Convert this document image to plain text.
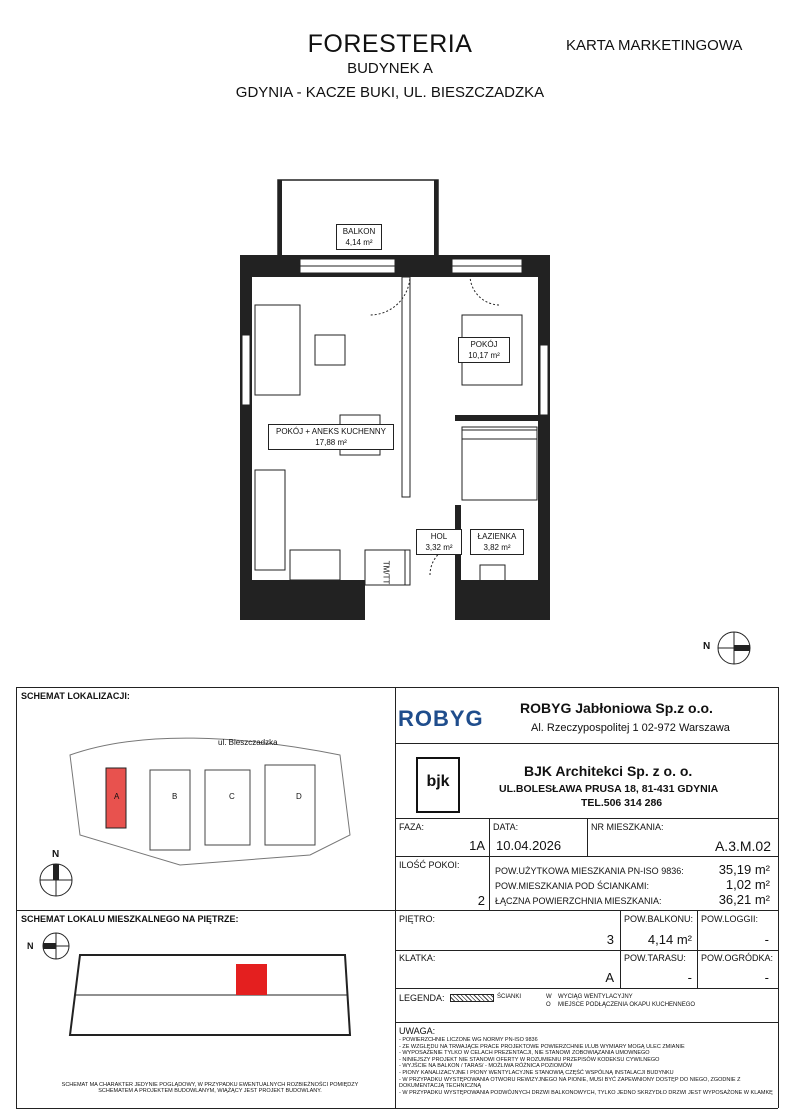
FORESTERIA
BUDYNEK A
GDYNIA - KACZE BUKI, UL. BIESZCZADZKA
KARTA MARKETINGOWA
BALKON
4,14 m²
POKÓJ
10,17 m²
POKÓJ + ANEKS KUCHENNY
17,88 m²
HOL
3,32 m²
ŁAZIENKA
3,82 m²
TM/TT
N
SCHEMAT LOKALIZACJI:
ul. Bieszczadzka
A	B	C	D
N
SCHEMAT LOKALU MIESZKALNEGO NA PIĘTRZE:
N
SCHEMAT MA CHARAKTER JEDYNIE POGLĄDOWY, W PRZYPADKU EWENTUALNYCH ROZBIEŻNOŚCI POMIĘDZY SCHEMATEM A PROJEKTEM BUDOWLANYM, WIĄŻĄCY JEST PROJEKT BUDOWLANY.
ROBYG	ROBYG Jabłoniowa Sp.z o.o.
Al. Rzeczypospolitej 1 02-972 Warszawa
bjk
BJK Architekci Sp. z o. o.
UL.BOLESŁAWA PRUSA 18, 81-431 GDYNIA
TEL.506 314 286
FAZA:
1A
DATA:
10.04.2026
NR MIESZKANIA:
A.3.M.02
ILOŚĆ POKOI:
2
POW.UŻYTKOWA MIESZKANIA PN-ISO 9836:	35,19 m²
POW.MIESZKANIA POD ŚCIANKAMI:	1,02 m²
ŁĄCZNA POWIERZCHNIA MIESZKANIA:	36,21 m²
PIĘTRO:
3
POW.BALKONU:
4,14 m²
POW.LOGGII:
-
KLATKA:
A
POW.TARASU:
-
POW.OGRÓDKA:
-
LEGENDA:	ŚCIANKI	W WYCIĄG WENTYLACYJNY
O MIEJSCE PODŁĄCZENIA OKAPU KUCHENNEGO
UWAGA:
- POWIERZCHNIE LICZONE WG NORMY PN-ISO 9836
- ZE WZGLĘDU NA TRWAJĄCE PRACE PROJEKTOWE POWIERZCHNIE I/LUB WYMIARY MOGĄ ULEC ZMIANIE
- WYPOSAŻENIE TYLKO W CELACH PREZENTACJI, NIE STANOWI ZOBOWIĄZANIA UMOWNEGO
- NINIEJSZY PROJEKT NIE STANOWI OFERTY W ROZUMIENIU PRZEPISÓW KODEKSU CYWILNEGO
- WYJŚCIE NA BALKON / TARAS/ - MOŻLIWA RÓŻNICA POZIOMÓW
- PIONY KANALIZACYJNE I PIONY WENTYLACYJNE STANOWIĄ CZĘŚĆ WSPÓLNĄ INSTALACJI BUDYNKU
- W PRZYPADKU WYSTĘPOWANIA OTWORU REWIZYJNEGO NA PIONIE, MUSI BYĆ ZAPEWNIONY DOSTĘP DO NIEGO, ZGODNIE Z DOKUMENTACJĄ TECHNICZNĄ
- W PRZYPADKU WYSTĘPOWANIA PODWÓJNYCH DRZWI BALKONOWYCH, TYLKO JEDNO SKRZYDŁO DRZWI JEST WYPOSAŻONE W KLAMKĘ
